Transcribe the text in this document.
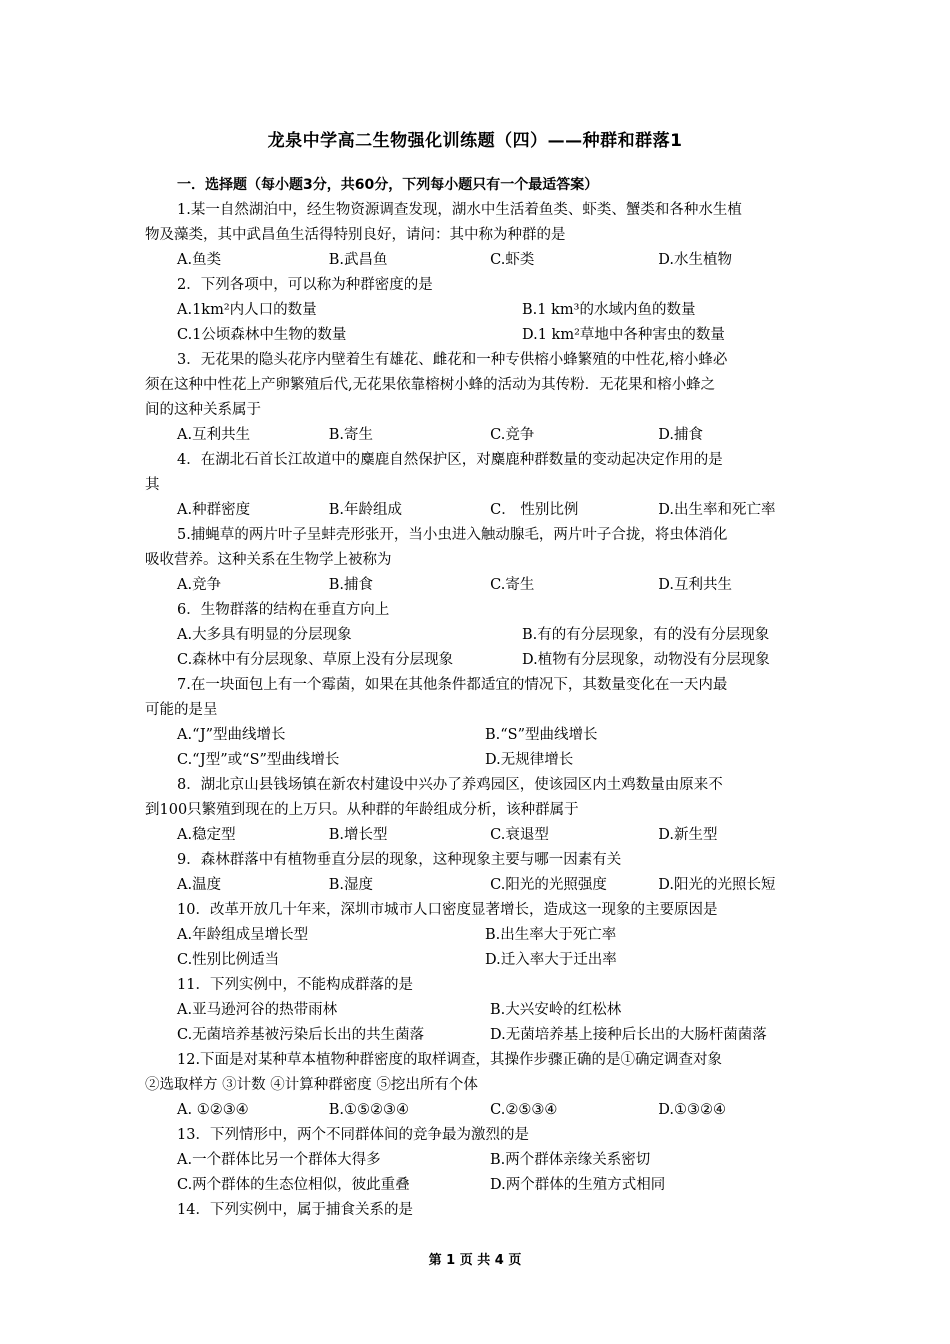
龙泉中学高二生物强化训练题（四）——种群和群落1
一．选择题（每小题3分，共60分，下列每小题只有一个最适答案）
1.某一自然湖泊中，经生物资源调查发现，湖水中生活着鱼类、虾类、蟹类和各种水生植
物及藻类，其中武昌鱼生活得特别良好，请问：其中称为种群的是
A.鱼类	B.武昌鱼	C.虾类	D.水生植物
2．下列各项中，可以称为种群密度的是
A.1km²内人口的数量	B.1 km³的水域内鱼的数量
C.1公顷森林中生物的数量	D.1 km²草地中各种害虫的数量
3．无花果的隐头花序内壁着生有雄花、雌花和一种专供榕小蜂繁殖的中性花,榕小蜂必
须在这种中性花上产卵繁殖后代,无花果依靠榕树小蜂的活动为其传粉．无花果和榕小蜂之
间的这种关系属于
A.互利共生	B.寄生	C.竞争	D.捕食
4．在湖北石首长江故道中的麋鹿自然保护区，对麋鹿种群数量的变动起决定作用的是
其
A.种群密度	B.年龄组成	C． 性别比例	D.出生率和死亡率
5.捕蝇草的两片叶子呈蚌壳形张开，当小虫进入触动腺毛，两片叶子合拢，将虫体消化
吸收营养。这种关系在生物学上被称为
A.竞争	B.捕食	C.寄生	D.互利共生
6．生物群落的结构在垂直方向上
A.大多具有明显的分层现象	B.有的有分层现象，有的没有分层现象
C.森林中有分层现象、草原上没有分层现象	D.植物有分层现象，动物没有分层现象
7.在一块面包上有一个霉菌，如果在其他条件都适宜的情况下，其数量变化在一天内最
可能的是呈
A.“J”型曲线增长	B.“S”型曲线增长
C.“J型”或“S”型曲线增长	D.无规律增长
8．湖北京山县钱场镇在新农村建设中兴办了养鸡园区，使该园区内土鸡数量由原来不
到100只繁殖到现在的上万只。从种群的年龄组成分析，该种群属于
A.稳定型	B.增长型	C.衰退型	D.新生型
9．森林群落中有植物垂直分层的现象，这种现象主要与哪一因素有关
A.温度	B.湿度	C.阳光的光照强度	D.阳光的光照长短
10．改革开放几十年来，深圳市城市人口密度显著增长，造成这一现象的主要原因是
A.年龄组成呈增长型	B.出生率大于死亡率
C.性别比例适当	D.迁入率大于迁出率
11．下列实例中，不能构成群落的是
A.亚马逊河谷的热带雨林	B.大兴安岭的红松林
C.无菌培养基被污染后长出的共生菌落	D.无菌培养基上接种后长出的大肠杆菌菌落
12.下面是对某种草本植物种群密度的取样调查，其操作步骤正确的是①确定调查对象
②选取样方 ③计数 ④计算种群密度 ⑤挖出所有个体
A. ①②③④	B.①⑤②③④	C.②⑤③④	D.①③②④
13．下列情形中，两个不同群体间的竞争最为激烈的是
A.一个群体比另一个群体大得多	B.两个群体亲缘关系密切
C.两个群体的生态位相似，彼此重叠	D.两个群体的生殖方式相同
14．下列实例中，属于捕食关系的是
第 1 页 共 4 页
